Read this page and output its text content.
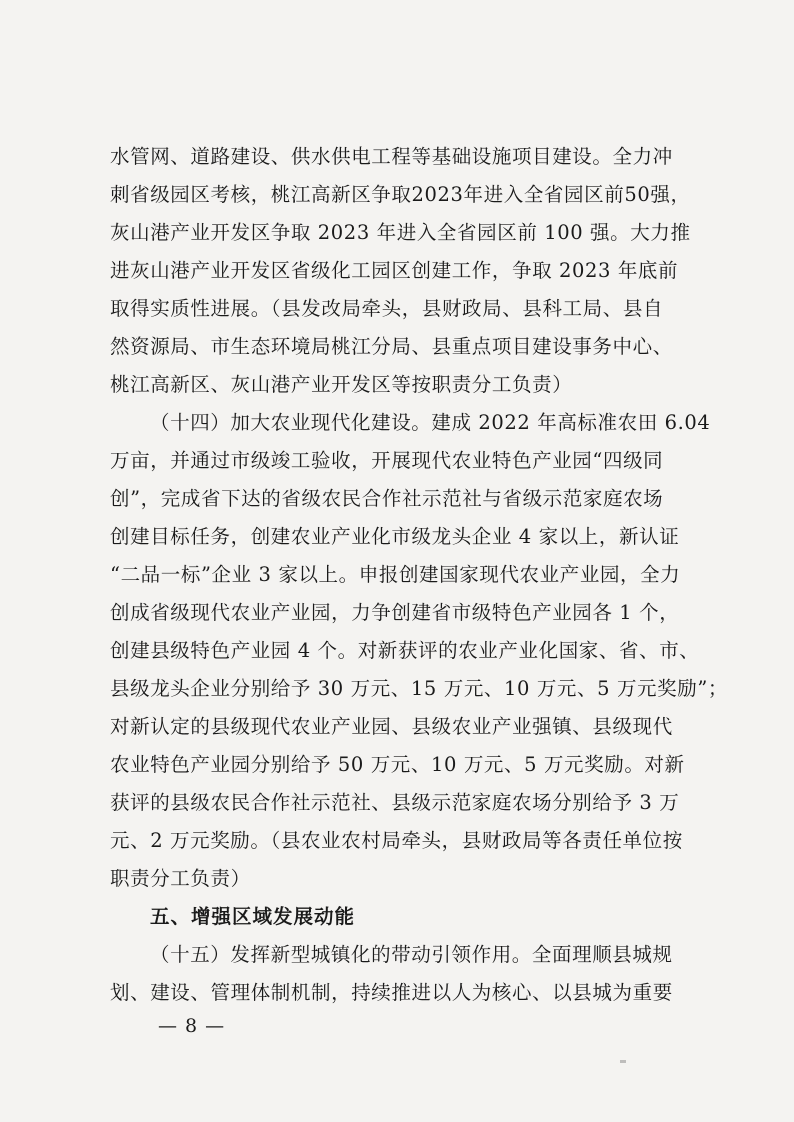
水管网、道路建设、供水供电工程等基础设施项目建设。全力冲
刺省级园区考核，桃江高新区争取2023年进入全省园区前50强，
灰山港产业开发区争取 2023 年进入全省园区前 100 强。大力推
进灰山港产业开发区省级化工园区创建工作，争取 2023 年底前
取得实质性进展。（县发改局牵头，县财政局、县科工局、县自
然资源局、市生态环境局桃江分局、县重点项目建设事务中心、
桃江高新区、灰山港产业开发区等按职责分工负责）
（十四）加大农业现代化建设。建成 2022 年高标准农田 6.04
万亩，并通过市级竣工验收，开展现代农业特色产业园“四级同
创”，完成省下达的省级农民合作社示范社与省级示范家庭农场
创建目标任务，创建农业产业化市级龙头企业 4 家以上，新认证
“二品一标”企业 3 家以上。申报创建国家现代农业产业园，全力
创成省级现代农业产业园，力争创建省市级特色产业园各 1 个，
创建县级特色产业园 4 个。对新获评的农业产业化国家、省、市、
县级龙头企业分别给予 30 万元、15 万元、10 万元、5 万元奖励”；
对新认定的县级现代农业产业园、县级农业产业强镇、县级现代
农业特色产业园分别给予 50 万元、10 万元、5 万元奖励。对新
获评的县级农民合作社示范社、县级示范家庭农场分别给予 3 万
元、2 万元奖励。（县农业农村局牵头，县财政局等各责任单位按
职责分工负责）
五、增强区域发展动能
（十五）发挥新型城镇化的带动引领作用。全面理顺县城规
划、建设、管理体制机制，持续推进以人为核心、以县城为重要
— 8 —
